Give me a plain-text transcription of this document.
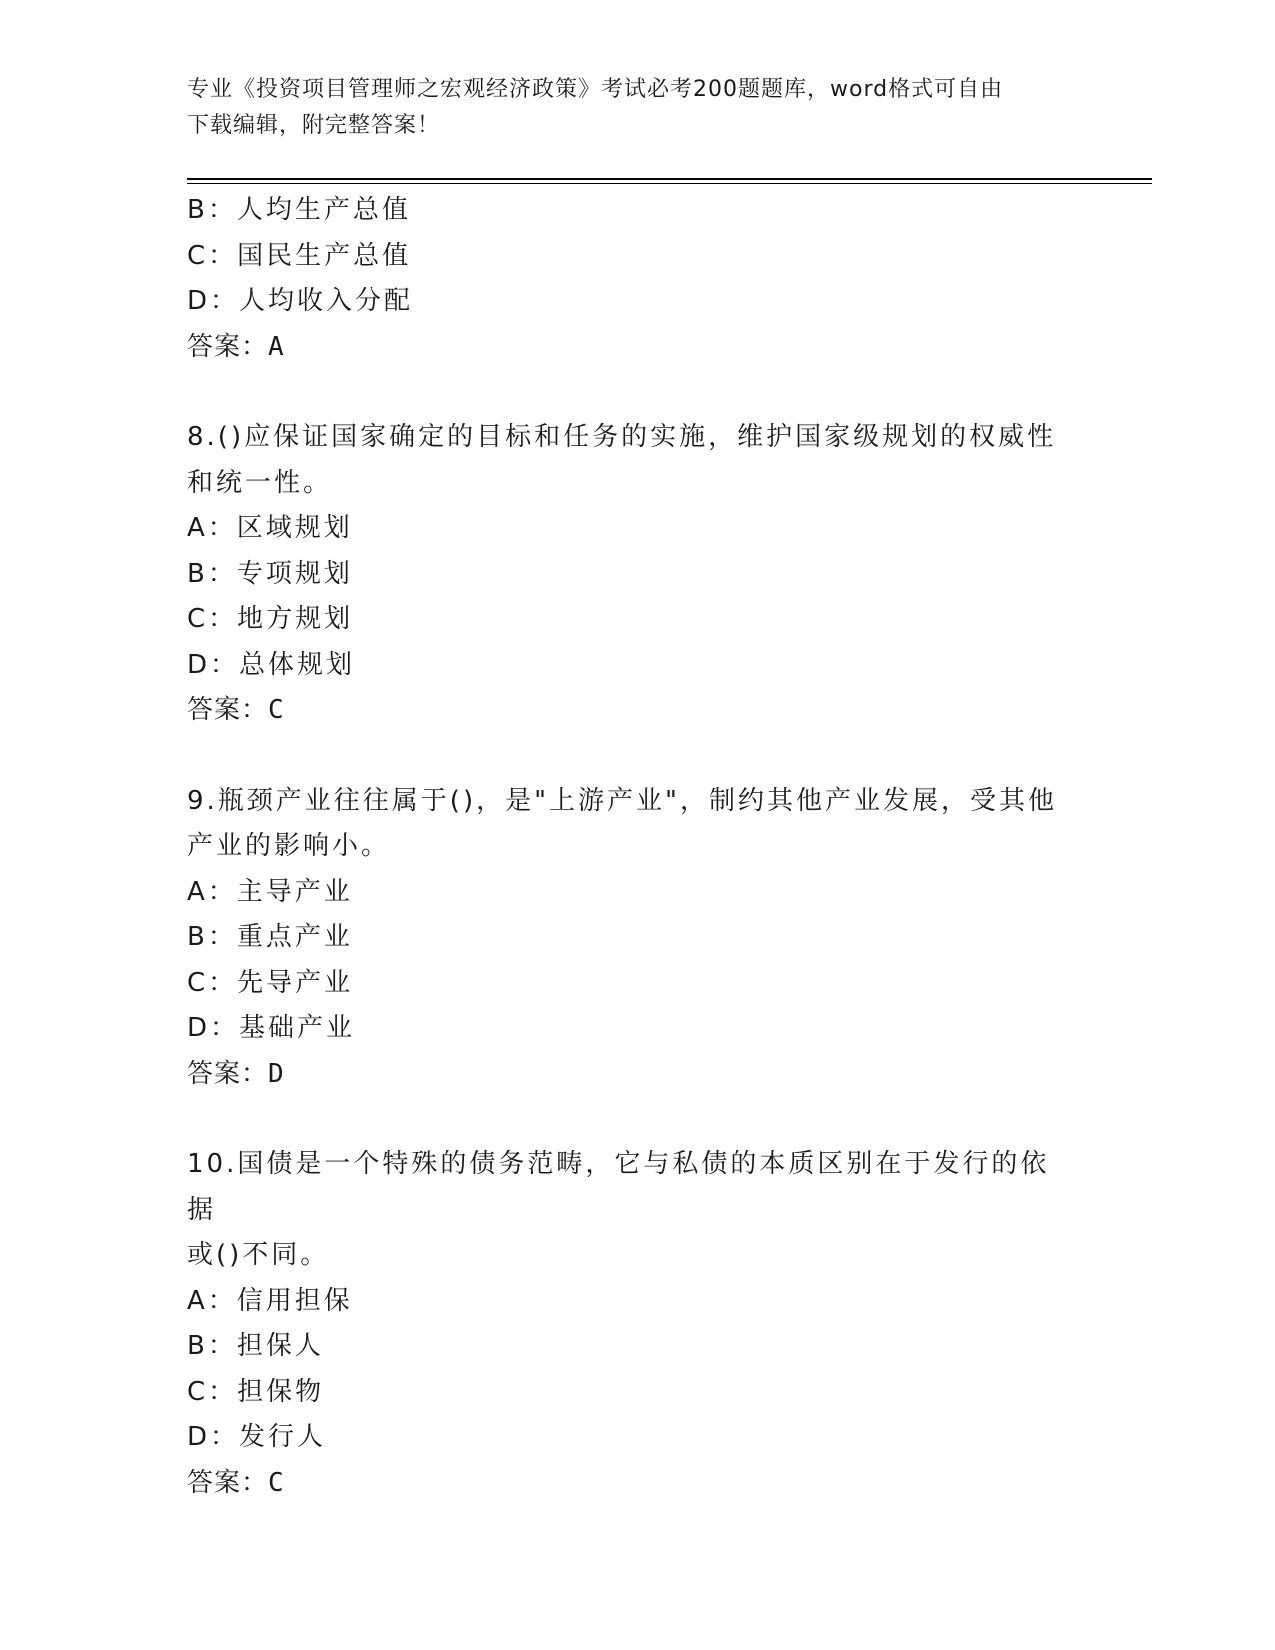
专业《投资项目管理师之宏观经济政策》考试必考200题题库，word格式可自由
下载编辑，附完整答案！
B：人均生产总值
C：国民生产总值
D：人均收入分配
答案：A
8.()应保证国家确定的目标和任务的实施，维护国家级规划的权威性
和统一性。
A：区域规划
B：专项规划
C：地方规划
D：总体规划
答案：C
9.瓶颈产业往往属于()，是"上游产业"，制约其他产业发展，受其他
产业的影响小。
A：主导产业
B：重点产业
C：先导产业
D：基础产业
答案：D
10.国债是一个特殊的债务范畴，它与私债的本质区别在于发行的依据
或()不同。
A：信用担保
B：担保人
C：担保物
D：发行人
答案：C
